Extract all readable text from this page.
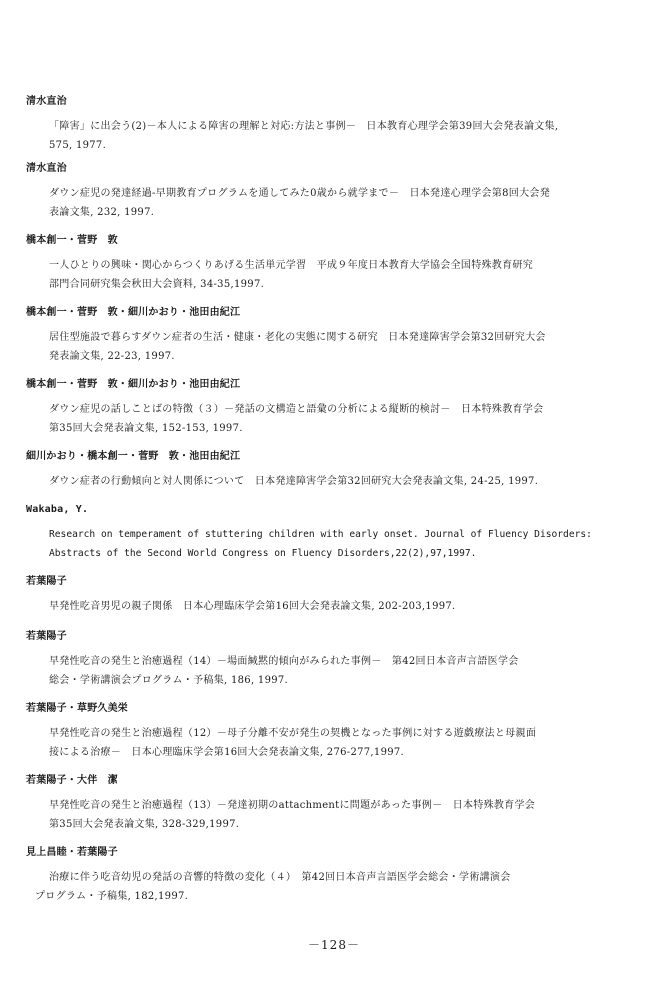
清水直治
「障害」に出会う(2)－本人による障害の理解と対応:方法と事例－　日本教育心理学会第39回大会発表論文集,
575, 1977.
清水直治
ダウン症児の発達経過-早期教育プログラムを通してみた0歳から就学まで－　日本発達心理学会第8回大会発
表論文集, 232, 1997.
橋本創一・菅野　敦
一人ひとりの興味・関心からつくりあげる生活単元学習　平成９年度日本教育大学協会全国特殊教育研究
部門合同研究集会秋田大会資料, 34-35,1997.
橋本創一・菅野　敦・細川かおり・池田由紀江
居住型施設で暮らすダウン症者の生活・健康・老化の実態に関する研究　日本発達障害学会第32回研究大会
発表論文集, 22-23, 1997.
橋本創一・菅野　敦・細川かおり・池田由紀江
ダウン症児の話しことばの特徴（３）－発話の文構造と語彙の分析による縦断的検討－　日本特殊教育学会
第35回大会発表論文集, 152-153, 1997.
細川かおり・橋本創一・菅野　敦・池田由紀江
ダウン症者の行動傾向と対人関係について　日本発達障害学会第32回研究大会発表論文集, 24-25, 1997.
Wakaba, Y.
Research on temperament of stuttering children with early onset. Journal of Fluency Disorders:
Abstracts of the Second World Congress on Fluency Disorders,22(2),97,1997.
若葉陽子
早発性吃音男児の親子関係　日本心理臨床学会第16回大会発表論文集, 202-203,1997.
若葉陽子
早発性吃音の発生と治癒過程（14）－場面緘黙的傾向がみられた事例－　第42回日本音声言語医学会
総会・学術講演会プログラム・予稿集, 186, 1997.
若葉陽子・草野久美栄
早発性吃音の発生と治癒過程（12）－母子分離不安が発生の契機となった事例に対する遊戯療法と母親面
接による治療－　日本心理臨床学会第16回大会発表論文集, 276-277,1997.
若葉陽子・大伴　潔
早発性吃音の発生と治癒過程（13）－発達初期のattachmentに問題があった事例－　日本特殊教育学会
第35回大会発表論文集, 328-329,1997.
見上昌睦・若葉陽子
治療に伴う吃音幼児の発話の音響的特徴の変化（４）　第42回日本音声言語医学会総会・学術講演会
プログラム・予稿集, 182,1997.
－128－
